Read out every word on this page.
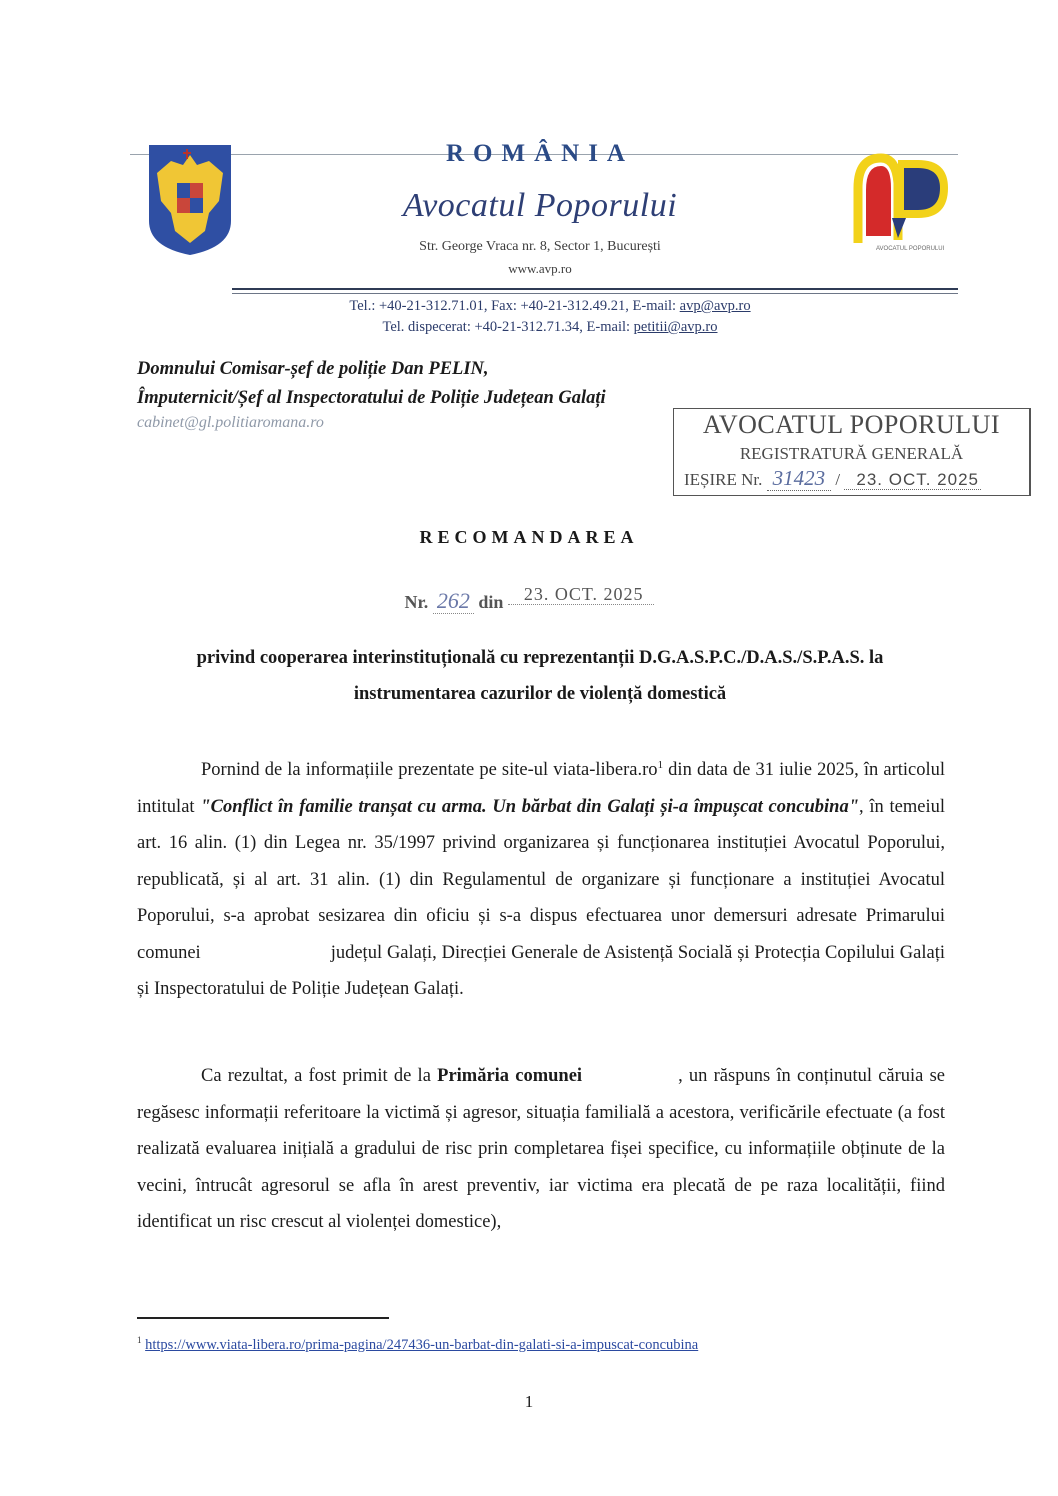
ROMÂNIA
Avocatul Poporului
Str. George Vraca nr. 8, Sector 1, București
www.avp.ro
AVOCATUL POPORULUI
Tel.: +40-21-312.71.01, Fax: +40-21-312.49.21, E-mail: avp@avp.ro
Tel. dispecerat: +40-21-312.71.34, E-mail: petitii@avp.ro
Domnului Comisar-șef de poliție Dan PELIN,
Împuternicit/Șef al Inspectoratului de Poliție Județean Galați
cabinet@gl.politiaromana.ro	AVOCATUL POPORULUI
REGISTRATURĂ GENERALĂ
IEȘIRE Nr. 31423 / 23. OCT. 2025
RECOMANDAREA
Nr. 262 din 23. OCT. 2025
privind cooperarea interinstituțională cu reprezentanții D.G.A.S.P.C./D.A.S./S.P.A.S. la
instrumentarea cazurilor de violență domestică
Pornind de la informațiile prezentate pe site-ul viata-$libera.ro^1$ din data de 31 iulie 2025, în articolul intitulat "Conflict în familie tranșat cu arma. Un bărbat din Galați și-a împușcat concubina", în temeiul art. 16 alin. (1) din Legea nr. 35/1997 privind organizarea și funcționarea instituției Avocatul Poporului, republicată, și al art. 31 alin. (1) din Regulamentul de organizare și funcționare a instituției Avocatul Poporului, s-a aprobat sesizarea din oficiu și s-a dispus efectuarea unor demersuri adresate Primarului comunei	județul Galați, Direcției Generale de Asistență Socială și Protecția Copilului Galați și Inspectoratului de Poliție Județean Galați.
Ca rezultat, a fost primit de la Primăria comunei	, un răspuns în conținutul căruia se regăsesc informații referitoare la victimă și agresor, situația familială a acestora, verificările efectuate (a fost realizată evaluarea inițială a gradului de risc prin completarea fișei specifice, cu informațiile obținute de la vecini, întrucât agresorul se afla în arest preventiv, iar victima era plecată de pe raza localității, fiind identificat un risc crescut al violenței domestice),
$^1$ https://www.viata-libera.ro/prima-pagina/247436-un-barbat-din-galati-si-a-impuscat-concubina
1
